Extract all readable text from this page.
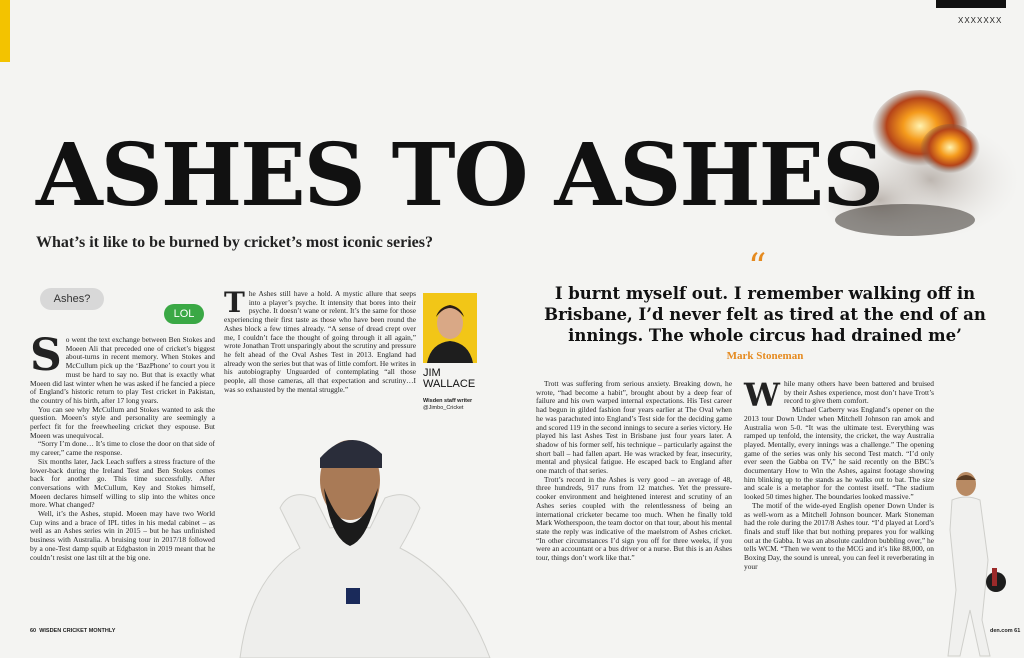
XXXXXXX
ASHES TO ASHES
What’s it like to be burned by cricket’s most iconic series?
Ashes?
LOL
S o went the text exchange between Ben Stokes and Moeen Ali that preceded one of cricket’s biggest about-turns in recent memory. When Stokes and McCullum pick up the ‘BazPhone’ to court you it must be hard to say no. But that is exactly what Moeen did last winter when he was asked if he fancied a piece of England’s historic return to play Test cricket in Pakistan, the country of his birth, after 17 long years.

You can see why McCullum and Stokes wanted to ask the question. Moeen’s style and personality are seemingly a perfect fit for the freewheeling cricket they espouse. But Moeen was unequivocal.

“Sorry I’m done… It’s time to close the door on that side of my career,” came the response.

Six months later, Jack Leach suffers a stress fracture of the lower-back during the Ireland Test and Ben Stokes comes back for another go. This time successfully. After conversations with McCullum, Key and Stokes himself, Moeen declares himself willing to slip into the whites once more. What changed?

Well, it’s the Ashes, stupid. Moeen may have two World Cup wins and a brace of IPL titles in his medal cabinet – as well as an Ashes series win in 2015 – but he has unfinished business with Australia. A bruising tour in 2017/18 followed by a one-Test damp squib at Edgbaston in 2019 meant that he couldn’t resist one last tilt at the big one.

T he Ashes still have a hold. A mystic allure that seeps into a player’s psyche. It intensity that bores into their psyche. It doesn’t wane or relent. It’s the same for those experiencing their first taste as those who have been round the Ashes block a few times already. “A sense of dread crept over me, I couldn’t face the thought of going through it all again,” wrote Jonathan Trott unsparingly about the scrutiny and pressure he felt ahead of the Oval Ashes Test in 2013. England had already won the series but that was of little comfort. He writes in his autobiography Unguarded of contemplating “all those people, all those cameras, all that expectation and scrutiny…I was so exhausted by the mental struggle.”

JIM
WALLACE
Wisden staff writer
@Jimbo_Cricket
“
I burnt myself out. I remember walking off in Brisbane, I’d never felt as tired at the end of an innings. The whole circus had drained me’
Mark Stoneman

Trott was suffering from serious anxiety. Breaking down, he wrote, “had become a habit”, brought about by a deep fear of failure and his own warped internal expectations. His Test career had begun in gilded fashion four years earlier at The Oval when he was parachuted into England’s Test side for the deciding game and scored 119 in the second innings to secure a series victory. He played his last Ashes Test in Brisbane just four years later. A shadow of his former self, his technique – particularly against the short ball – had fallen apart. He was wracked by fear, insecurity, mental and physical fatigue. He escaped back to England after one match of that series.

Trott’s record in the Ashes is very good – an average of 48, three hundreds, 917 runs from 12 matches. Yet the pressure-cooker environment and heightened interest and scrutiny of an Ashes series coupled with the relentlessness of being an international cricketer became too much. When he finally told Mark Wotherspoon, the team doctor on that tour, about his mental state the reply was indicative of the maelstrom of Ashes cricket. “In other circumstances I’d sign you off for three weeks, if you were an accountant or a bus driver or a nurse. But this is an Ashes tour, things don’t work like that.”

W hile many others have been battered and bruised by their Ashes experience, most don’t have Trott’s record to give them comfort.

Michael Carberry was England’s opener on the 2013 tour Down Under when Mitchell Johnson ran amok and Australia won 5-0. “It was the ultimate test. Everything was ramped up tenfold, the intensity, the cricket, the way Australia played. Mentally, every innings was a challenge.” The opening game of the series was only his second Test match. “I’d only ever seen the Gabba on TV,” he said recently on the BBC’s documentary How to Win the Ashes, against footage showing him blinking up to the stands as he walks out to bat. The size and scale is a metaphor for the contest itself. “The stadium looked 50 times higher. The boundaries looked massive.”

The motif of the wide-eyed English opener Down Under is as well-worn as a Mitchell Johnson bouncer. Mark Stoneman had the role during the 2017/8 Ashes tour. “I’d played at Lord’s finals and stuff like that but nothing prepares you for walking out at the Gabba. It was an absolute cauldron bubbling over,” he tells WCM. “Then we went to the MCG and it’s like 88,000, on Boxing Day, the sound is unreal, you can feel it reverberating in your

60 WISDEN CRICKET MONTHLY	den.com 61
